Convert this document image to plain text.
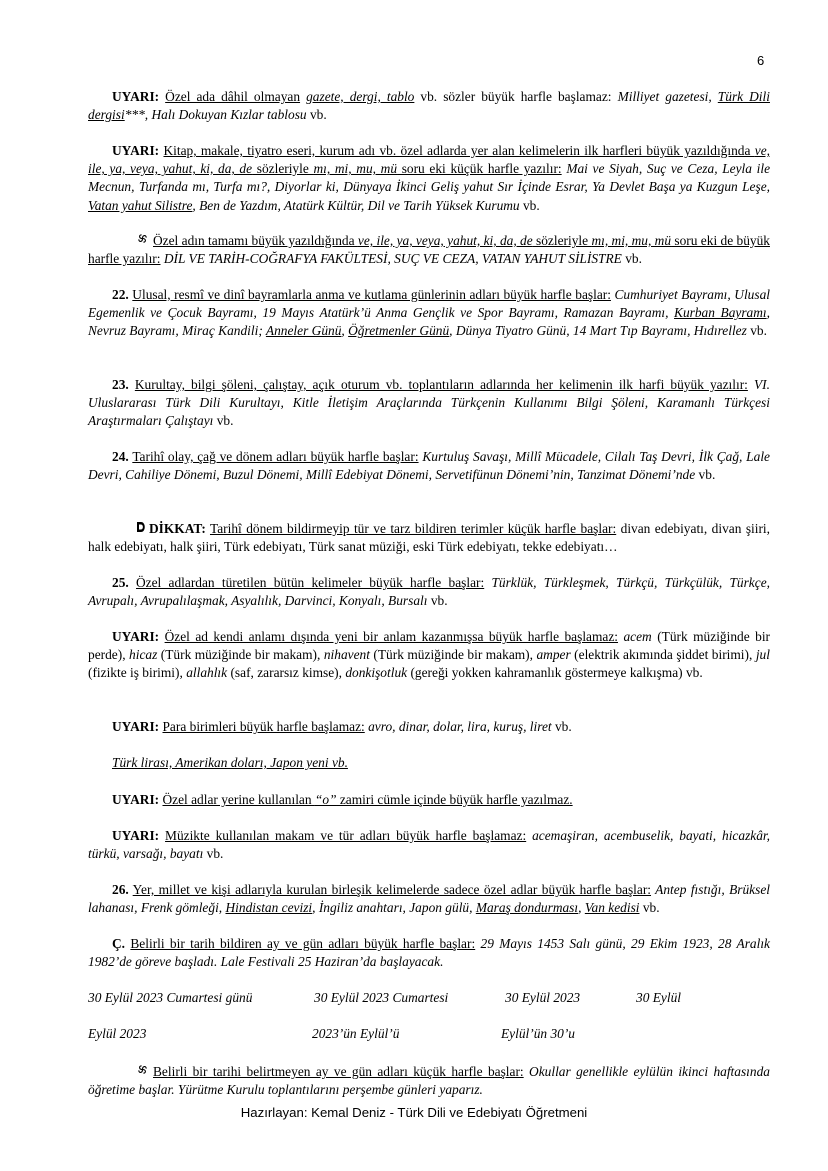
6

UYARI: Özel ada dâhil olmayan gazete, dergi, tablo vb. sözler büyük harfle başlamaz: Milliyet gazetesi, Türk Dili dergisi***, Halı Dokuyan Kızlar tablosu vb.

UYARI: Kitap, makale, tiyatro eseri, kurum adı vb. özel adlarda yer alan kelimelerin ilk harfleri büyük yazıldığında ve, ile, ya, veya, yahut, ki, da, de sözleriyle mı, mi, mu, mü soru eki küçük harfle yazılır: Mai ve Siyah, Suç ve Ceza, Leyla ile Mecnun, Turfanda mı, Turfa mı?, Diyorlar ki, Dünyaya İkinci Geliş yahut Sır İçinde Esrar, Ya Devlet Başa ya Kuzgun Leşe, Vatan yahut Silistre, Ben de Yazdım, Atatürk Kültür, Dil ve Tarih Yüksek Kurumu vb.

Özel adın tamamı büyük yazıldığında ve, ile, ya, veya, yahut, ki, da, de sözleriyle mı, mi, mu, mü soru eki de büyük harfle yazılır: DİL VE TARİH-COĞRAFYA FAKÜLTESİ, SUÇ VE CEZA, VATAN YAHUT SİLİSTRE vb.

22. Ulusal, resmî ve dinî bayramlarla anma ve kutlama günlerinin adları büyük harfle başlar: Cumhuriyet Bayramı, Ulusal Egemenlik ve Çocuk Bayramı, 19 Mayıs Atatürk’ü Anma Gençlik ve Spor Bayramı, Ramazan Bayramı, Kurban Bayramı, Nevruz Bayramı, Miraç Kandili; Anneler Günü, Öğretmenler Günü, Dünya Tiyatro Günü, 14 Mart Tıp Bayramı, Hıdırellez vb.

23. Kurultay, bilgi şöleni, çalıştay, açık oturum vb. toplantıların adlarında her kelimenin ilk harfi büyük yazılır: VI. Uluslararası Türk Dili Kurultayı, Kitle İletişim Araçlarında Türkçenin Kullanımı Bilgi Şöleni, Karamanlı Türkçesi Araştırmaları Çalıştayı vb.

24. Tarihî olay, çağ ve dönem adları büyük harfle başlar: Kurtuluş Savaşı, Millî Mücadele, Cilalı Taş Devri, İlk Çağ, Lale Devri, Cahiliye Dönemi, Buzul Dönemi, Millî Edebiyat Dönemi, Servetifünun Dönemi’nin, Tanzimat Dönemi’nde vb.

DİKKAT: Tarihî dönem bildirmeyip tür ve tarz bildiren terimler küçük harfle başlar: divan edebiyatı, divan şiiri, halk edebiyatı, halk şiiri, Türk edebiyatı, Türk sanat müziği, eski Türk edebiyatı, tekke edebiyatı…

25. Özel adlardan türetilen bütün kelimeler büyük harfle başlar: Türklük, Türkleşmek, Türkçü, Türkçülük, Türkçe, Avrupalı, Avrupalılaşmak, Asyalılık, Darvinci, Konyalı, Bursalı vb.

UYARI: Özel ad kendi anlamı dışında yeni bir anlam kazanmışsa büyük harfle başlamaz: acem (Türk müziğinde bir perde), hicaz (Türk müziğinde bir makam), nihavent (Türk müziğinde bir makam), amper (elektrik akımında şiddet birimi), jul (fizikte iş birimi), allahlık (saf, zararsız kimse), donkişotluk (gereği yokken kahramanlık göstermeye kalkışma) vb.

UYARI: Para birimleri büyük harfle başlamaz: avro, dinar, dolar, lira, kuruş, liret vb.

Türk lirası, Amerikan doları, Japon yeni vb.

UYARI: Özel adlar yerine kullanılan “o” zamiri cümle içinde büyük harfle yazılmaz.

UYARI: Müzikte kullanılan makam ve tür adları büyük harfle başlamaz: acemaşiran, acembuselik, bayati, hicazkâr, türkü, varsağı, bayatı vb.

26. Yer, millet ve kişi adlarıyla kurulan birleşik kelimelerde sadece özel adlar büyük harfle başlar: Antep fıstığı, Brüksel lahanası, Frenk gömleği, Hindistan cevizi, İngiliz anahtarı, Japon gülü, Maraş dondurması, Van kedisi vb.

Ç. Belirli bir tarih bildiren ay ve gün adları büyük harfle başlar: 29 Mayıs 1453 Salı günü, 29 Ekim 1923, 28 Aralık 1982’de göreve başladı. Lale Festivali 25 Haziran’da başlayacak.

30 Eylül 2023 Cumartesi günü	30 Eylül 2023 Cumartesi	30 Eylül 2023	30 Eylül
Eylül 2023	2023’ün Eylül’ü	Eylül’ün 30’u

Belirli bir tarihi belirtmeyen ay ve gün adları küçük harfle başlar: Okullar genellikle eylülün ikinci haftasında öğretime başlar. Yürütme Kurulu toplantılarını perşembe günleri yaparız.

Hazırlayan: Kemal Deniz - Türk Dili ve Edebiyatı Öğretmeni
